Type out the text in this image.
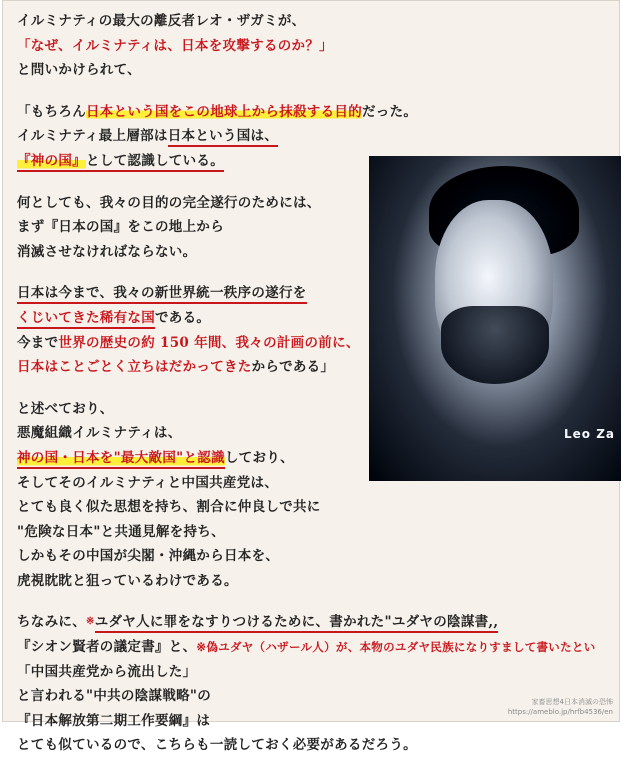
イルミナティの最大の離反者レオ・ザガミが、
「なぜ、イルミナティは、日本を攻撃するのか？」
と問いかけられて、
「もちろん日本という国をこの地球上から抹殺する目的だった。
イルミナティ最上層部は日本という国は、
『神の国』として認識している。
何としても、我々の目的の完全遂行のためには、
まず『日本の国』をこの地上から
消滅させなければならない。
日本は今まで、我々の新世界統一秩序の遂行を
くじいてきた稀有な国である。
今まで世界の歴史の約 150 年間、我々の計画の前に、
日本はことごとく立ちはだかってきたからである」
と述べており、
悪魔組織イルミナティは、
神の国・日本を"最大敵国"と認識しており、
そしてそのイルミナティと中国共産党は、
とても良く似た思想を持ち、割合に仲良しで共に
"危険な日本"と共通見解を持ち、
しかもその中国が尖閣・沖縄から日本を、
虎視眈眈と狙っているわけである。
ちなみに、※ユダヤ人に罪をなすりつけるために、書かれた"ユダヤの陰謀書,,
『シオン賢者の議定書』と、※偽ユダヤ（ハザール人）が、本物のユダヤ民族になりすまして書いたとい
「中国共産党から流出した」
と言われる"中共の陰謀戦略"の
『日本解放第二期工作要綱』は
とても似ているので、こちらも一読しておく必要があるだろう。
Leo Za
家畜思想4日本消滅の恐怖
https://ameblo.jp/hrfb4536/en
